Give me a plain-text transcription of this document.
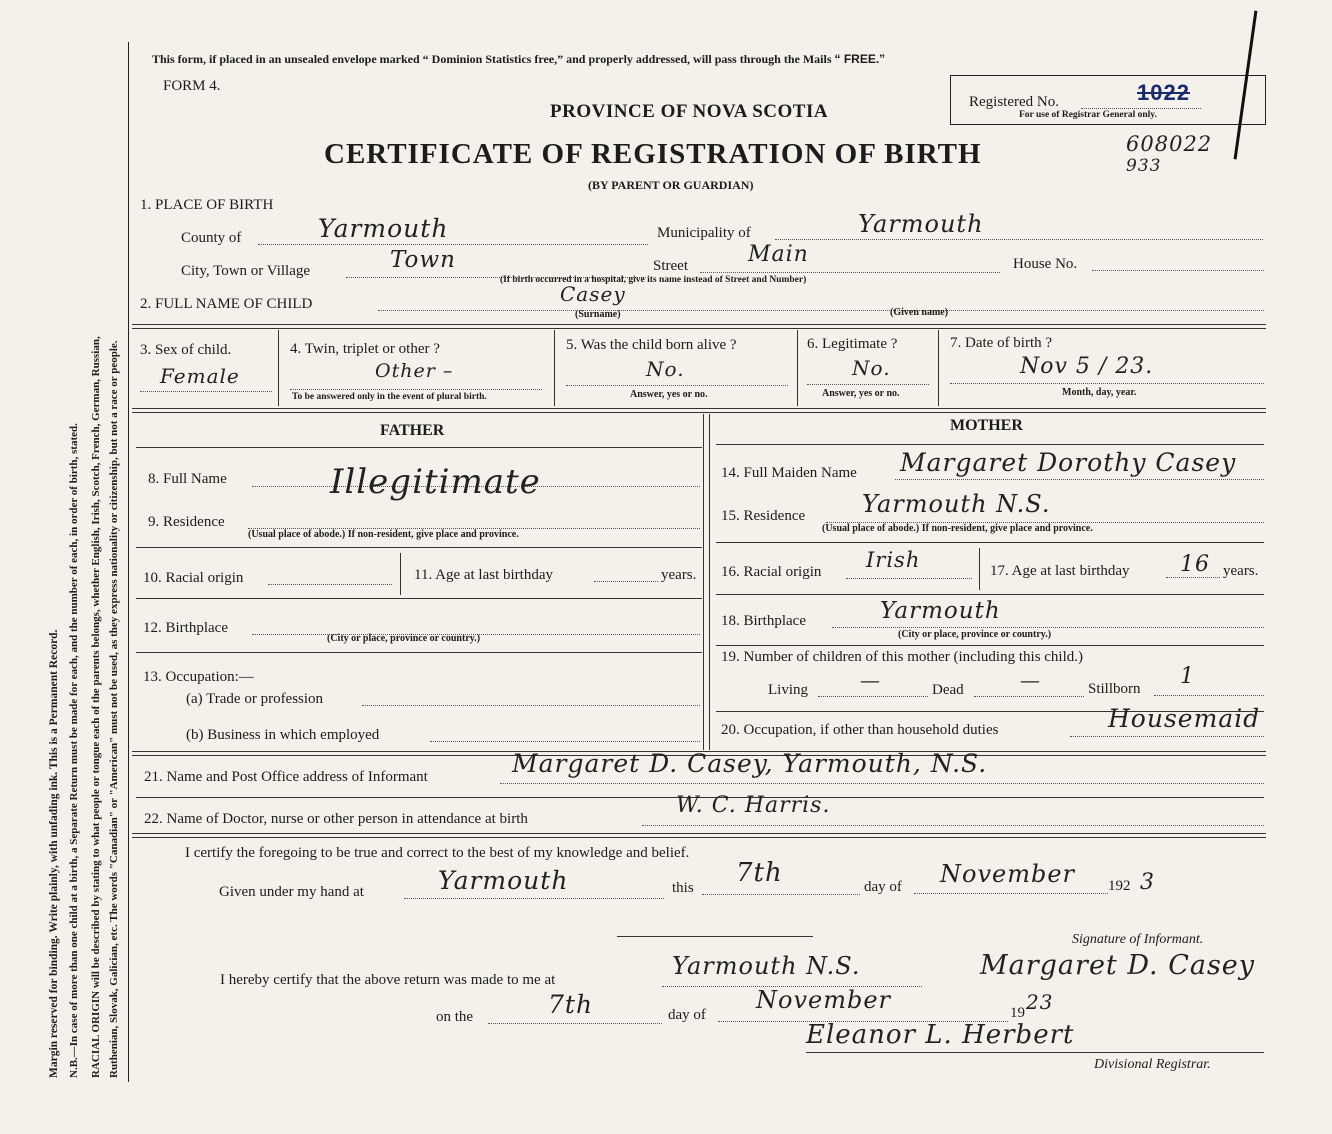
Margin reserved for binding. Write plainly, with unfading ink. This is a Permanent Record. N.B.—In case of more than one child at a birth, a Separate Return must be made for each, and the number of each, in order of birth, stated. RACIAL ORIGIN will be described by stating to what people or tongue each of the parents belongs, whether English, Irish, Scotch, French, German, Russian, Ruthenian, Slovak, Galician, etc. The words "Canadian" or "American" must not be used, as they express nationality or citizenship, but not a race or people.
This form, if placed in an unsealed envelope marked “ Dominion Statistics free,” and properly addressed, will pass through the Mails “ FREE.”
FORM 4.
PROVINCE OF NOVA SCOTIA
CERTIFICATE OF REGISTRATION OF BIRTH
(BY PARENT OR GUARDIAN)
Registered No.	1022
For use of Registrar General only.
608022
933
1. PLACE OF BIRTH
County of	Yarmouth	Municipality of	Yarmouth
City, Town or Village	Town	Street	Main	House No.
(If birth occurred in a hospital, give its name instead of Street and Number)
2. FULL NAME OF CHILD	Casey
(Surname)	(Given name)
3. Sex of child.
Female
4. Twin, triplet or other ?
Other –
To be answered only in the event of plural birth.
5. Was the child born alive ?
No.
Answer, yes or no.
6. Legitimate ?
No.
Answer, yes or no.
7. Date of birth ?
Nov 5 / 23.
Month, day, year.
FATHER	MOTHER
8. Full Name	Illegitimate
9. Residence
(Usual place of abode.) If non-resident, give place and province.
10. Racial origin	11. Age at last birthday	years.
12. Birthplace
(City or place, province or country.)
13. Occupation:—
(a) Trade or profession
(b) Business in which employed
14. Full Maiden Name Margaret Dorothy Casey
15. Residence Yarmouth N.S.
(Usual place of abode.) If non-resident, give place and province.
16. Racial origin Irish	17. Age at last birthday 16 years.
18. Birthplace	Yarmouth
(City or place, province or country.)
19. Number of children of this mother (including this child.)
Living	—	Dead	—	Stillborn 1
20. Occupation, if other than household duties	Housemaid
21. Name and Post Office address of Informant	Margaret D. Casey, Yarmouth, N.S.
22. Name of Doctor, nurse or other person in attendance at birth
W. C. Harris.
I certify the foregoing to be true and correct to the best of my knowledge and belief.
Given under my hand at	Yarmouth	this 7th	day of November 192 3
Signature of Informant.
I hereby certify that the above return was made to me at	Yarmouth N.S.	Margaret D. Casey
on the	7th	day of
November	19 23
Eleanor L. Herbert
Divisional Registrar.
